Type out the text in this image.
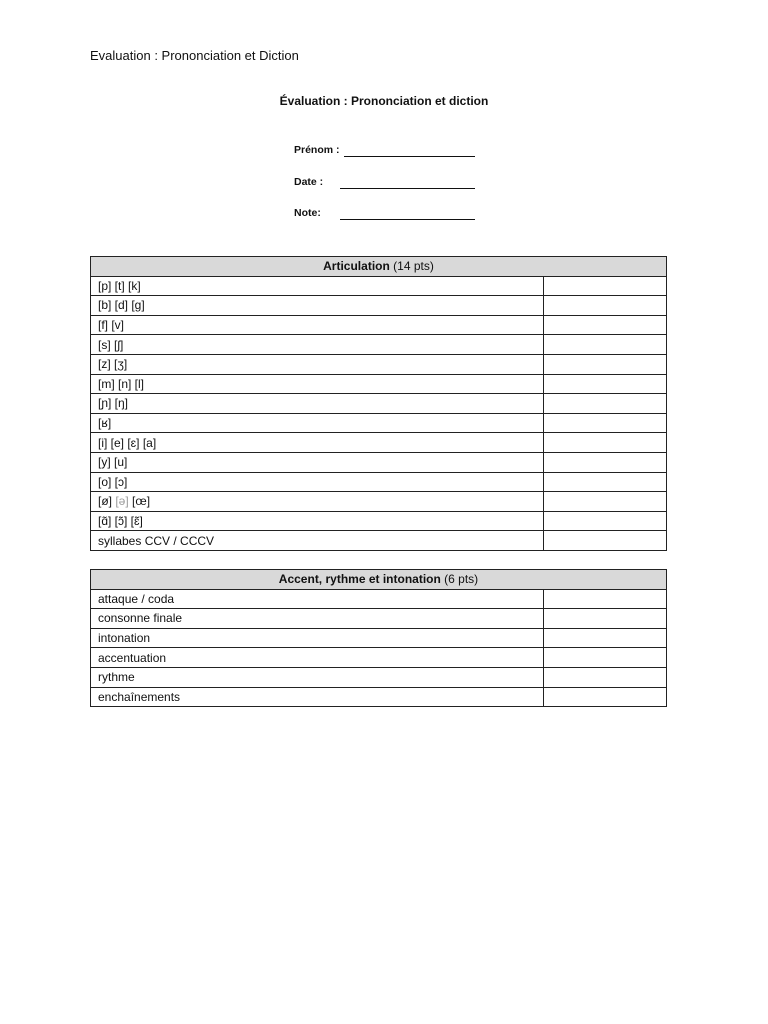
Evaluation : Prononciation et Diction
Évaluation : Prononciation et diction
Prénom :
Date :
Note:
Articulation (14 pts)	
[p] [t] [k]	
[b] [d] [g]	
[f] [v]	
[s] [ʃ]	
[z] [ʒ]	
[m] [n] [l]	
[ɲ] [ŋ]	
[ʁ]	
[i] [e] [ɛ] [a]	
[y] [u]	
[o] [ɔ]	
[ø] [ə] [œ]	
[ɑ̃] [ɔ̃] [ɛ̃]	
syllabes CCV / CCCV	
Accent, rythme et intonation (6 pts)	
attaque / coda	
consonne finale	
intonation	
accentuation	
rythme	
enchaînements	
